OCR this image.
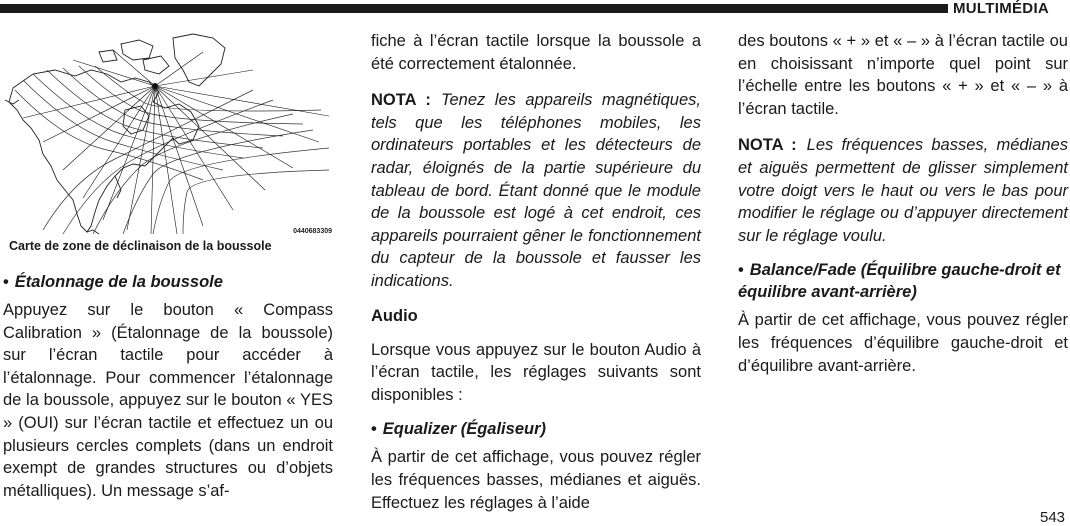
MULTIMÉDIA
0440683309
Carte de zone de déclinaison de la boussole
• Étalonnage de la boussole

Appuyez sur le bouton « Compass Calibration » (Étalonnage de la boussole) sur l’écran tactile pour accéder à l’étalonnage. Pour commencer l’étalonnage de la boussole, appuyez sur le bouton « YES » (OUI) sur l’écran tactile et effectuez un ou plusieurs cercles complets (dans un endroit exempt de grandes structures ou d’objets métalliques). Un message s’af-

fiche à l’écran tactile lorsque la boussole a été correctement étalonnée.

NOTA : Tenez les appareils magnétiques, tels que les téléphones mobiles, les ordinateurs portables et les détecteurs de radar, éloignés de la partie supérieure du tableau de bord. Étant donné que le module de la boussole est logé à cet endroit, ces appareils pourraient gêner le fonctionnement du capteur de la boussole et fausser les indications.

Audio

Lorsque vous appuyez sur le bouton Audio à l’écran tactile, les réglages suivants sont disponibles :

• Equalizer (Égaliseur)

À partir de cet affichage, vous pouvez régler les fréquences basses, médianes et aiguës. Effectuez les réglages à l’aide

des boutons « + » et « – » à l’écran tactile ou en choisissant n’importe quel point sur l’échelle entre les boutons « + » et « – » à l’écran tactile.

NOTA : Les fréquences basses, médianes et aiguës permettent de glisser simplement votre doigt vers le haut ou vers le bas pour modifier le réglage ou d’appuyer directement sur le réglage voulu.

• Balance/Fade (Équilibre gauche-droit et équilibre avant-arrière)

À partir de cet affichage, vous pouvez régler les fréquences d’équilibre gauche-droit et d’équilibre avant-arrière.

543
